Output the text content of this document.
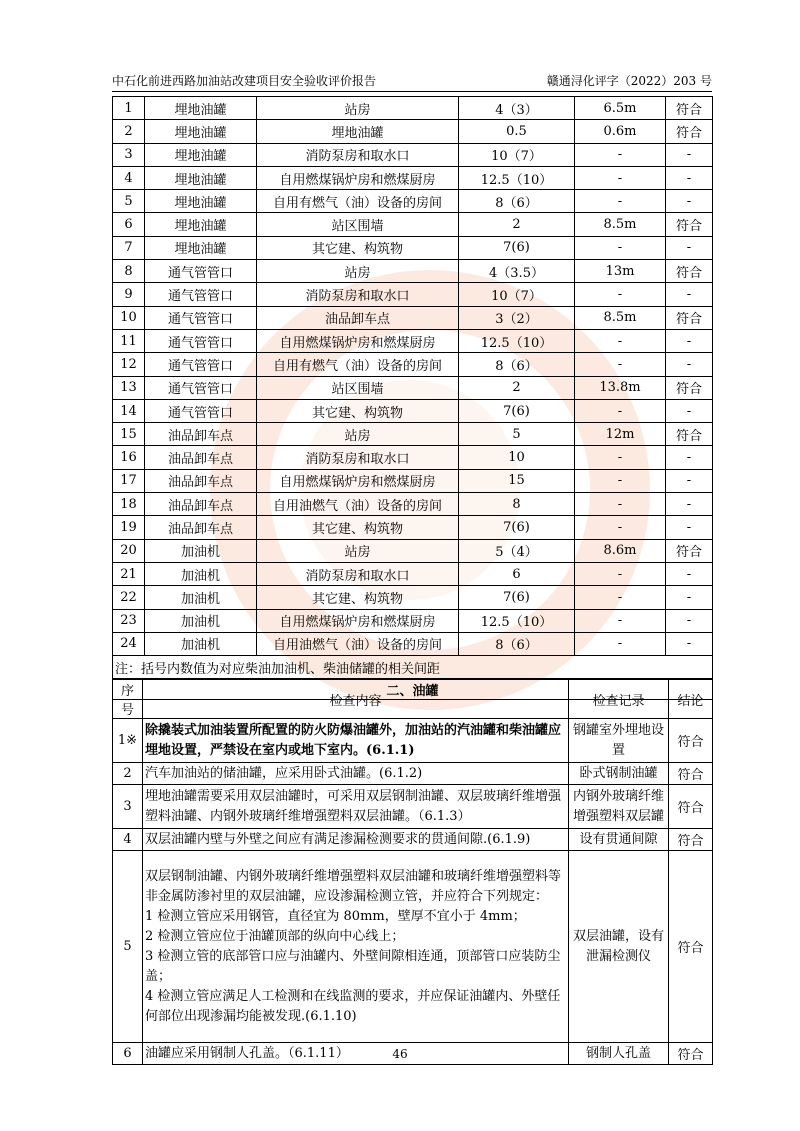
中石化前进西路加油站改建项目安全验收评价报告	赣通浔化评字（2022）203 号
1	埋地油罐	站房	4（3）	6.5m	符合
2	埋地油罐	埋地油罐	0.5	0.6m	符合
3	埋地油罐	消防泵房和取水口	10（7）	-	-
4	埋地油罐	自用燃煤锅炉房和燃煤厨房	12.5（10）	-	-
5	埋地油罐	自用有燃气（油）设备的房间	8（6）	-	-
6	埋地油罐	站区围墙	2	8.5m	符合
7	埋地油罐	其它建、构筑物	7(6)	-	-
8	通气管管口	站房	4（3.5）	13m	符合
9	通气管管口	消防泵房和取水口	10（7）	-	-
10	通气管管口	油品卸车点	3（2）	8.5m	符合
11	通气管管口	自用燃煤锅炉房和燃煤厨房	12.5（10）	-	-
12	通气管管口	自用有燃气（油）设备的房间	8（6）	-	-
13	通气管管口	站区围墙	2	13.8m	符合
14	通气管管口	其它建、构筑物	7(6)	-	-
15	油品卸车点	站房	5	12m	符合
16	油品卸车点	消防泵房和取水口	10	-	-
17	油品卸车点	自用燃煤锅炉房和燃煤厨房	15	-	-
18	油品卸车点	自用油燃气（油）设备的房间	8	-	-
19	油品卸车点	其它建、构筑物	7(6)	-	-
20	加油机	站房	5（4）	8.6m	符合
21	加油机	消防泵房和取水口	6	-	-
22	加油机	其它建、构筑物	7(6)	-	-
23	加油机	自用燃煤锅炉房和燃煤厨房	12.5（10）	-	-
24	加油机	自用油燃气（油）设备的房间	8（6）	-	-
注：括号内数值为对应柴油加油机、柴油储罐的相关间距					
二、油罐					
序号	检查内容	检查记录	结论
1※	除撬装式加油装置所配置的防火防爆油罐外，加油站的汽油罐和柴油罐应埋地设置，严禁设在室内或地下室内。(6.1.1)	钢罐室外埋地设置	符合
2	汽车加油站的储油罐，应采用卧式油罐。(6.1.2)	卧式钢制油罐	符合
3	埋地油罐需要采用双层油罐时，可采用双层钢制油罐、双层玻璃纤维增强塑料油罐、内钢外玻璃纤维增强塑料双层油罐。（6.1.3）	内钢外玻璃纤维增强塑料双层罐	符合
4	双层油罐内壁与外壁之间应有满足渗漏检测要求的贯通间隙.(6.1.9)	设有贯通间隙	符合
5	双层钢制油罐、内钢外玻璃纤维增强塑料双层油罐和玻璃纤维增强塑料等非金属防渗衬里的双层油罐，应设渗漏检测立管，并应符合下列规定：
1 检测立管应采用钢管，直径宜为 80mm，壁厚不宜小于 4mm；
2 检测立管应位于油罐顶部的纵向中心线上；
3 检测立管的底部管口应与油罐内、外壁间隙相连通，顶部管口应装防尘盖；
4 检测立管应满足人工检测和在线监测的要求，并应保证油罐内、外壁任何部位出现渗漏均能被发现.(6.1.10)	双层油罐，设有泄漏检测仪	符合
6	油罐应采用钢制人孔盖。（6.1.11）	钢制人孔盖	符合
46
